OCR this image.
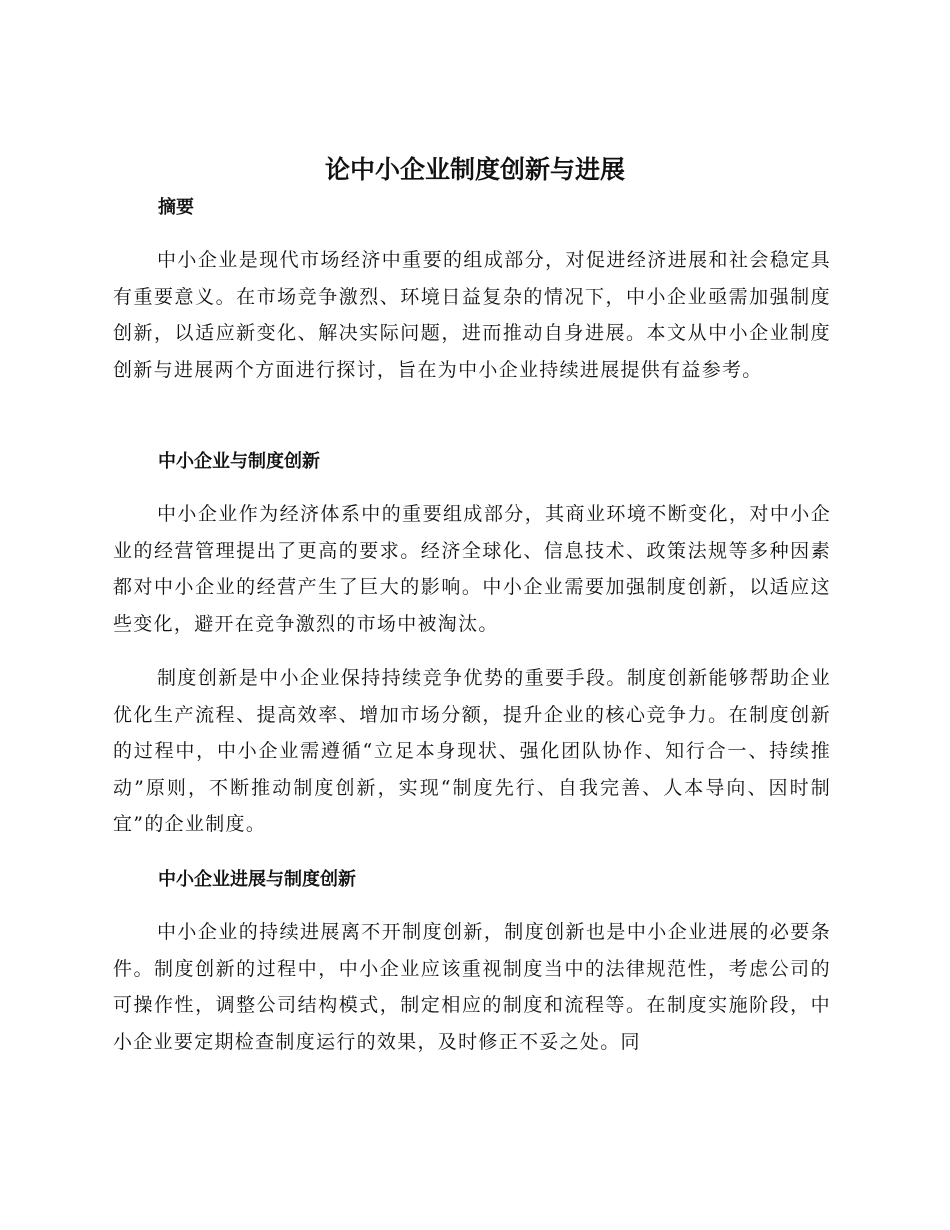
论中小企业制度创新与进展
摘要

中小企业是现代市场经济中重要的组成部分，对促进经济进展和社会稳定具有重要意义。在市场竞争激烈、环境日益复杂的情况下，中小企业亟需加强制度创新，以适应新变化、解决实际问题，进而推动自身进展。本文从中小企业制度创新与进展两个方面进行探讨，旨在为中小企业持续进展提供有益参考。

中小企业与制度创新

中小企业作为经济体系中的重要组成部分，其商业环境不断变化，对中小企业的经营管理提出了更高的要求。经济全球化、信息技术、政策法规等多种因素都对中小企业的经营产生了巨大的影响。中小企业需要加强制度创新，以适应这些变化，避开在竞争激烈的市场中被淘汰。

制度创新是中小企业保持持续竞争优势的重要手段。制度创新能够帮助企业优化生产流程、提高效率、增加市场分额，提升企业的核心竞争力。在制度创新的过程中，中小企业需遵循“立足本身现状、强化团队协作、知行合一、持续推动”原则，不断推动制度创新，实现“制度先行、自我完善、人本导向、因时制宜”的企业制度。

中小企业进展与制度创新

中小企业的持续进展离不开制度创新，制度创新也是中小企业进展的必要条件。制度创新的过程中，中小企业应该重视制度当中的法律规范性，考虑公司的可操作性，调整公司结构模式，制定相应的制度和流程等。在制度实施阶段，中小企业要定期检查制度运行的效果，及时修正不妥之处。同
